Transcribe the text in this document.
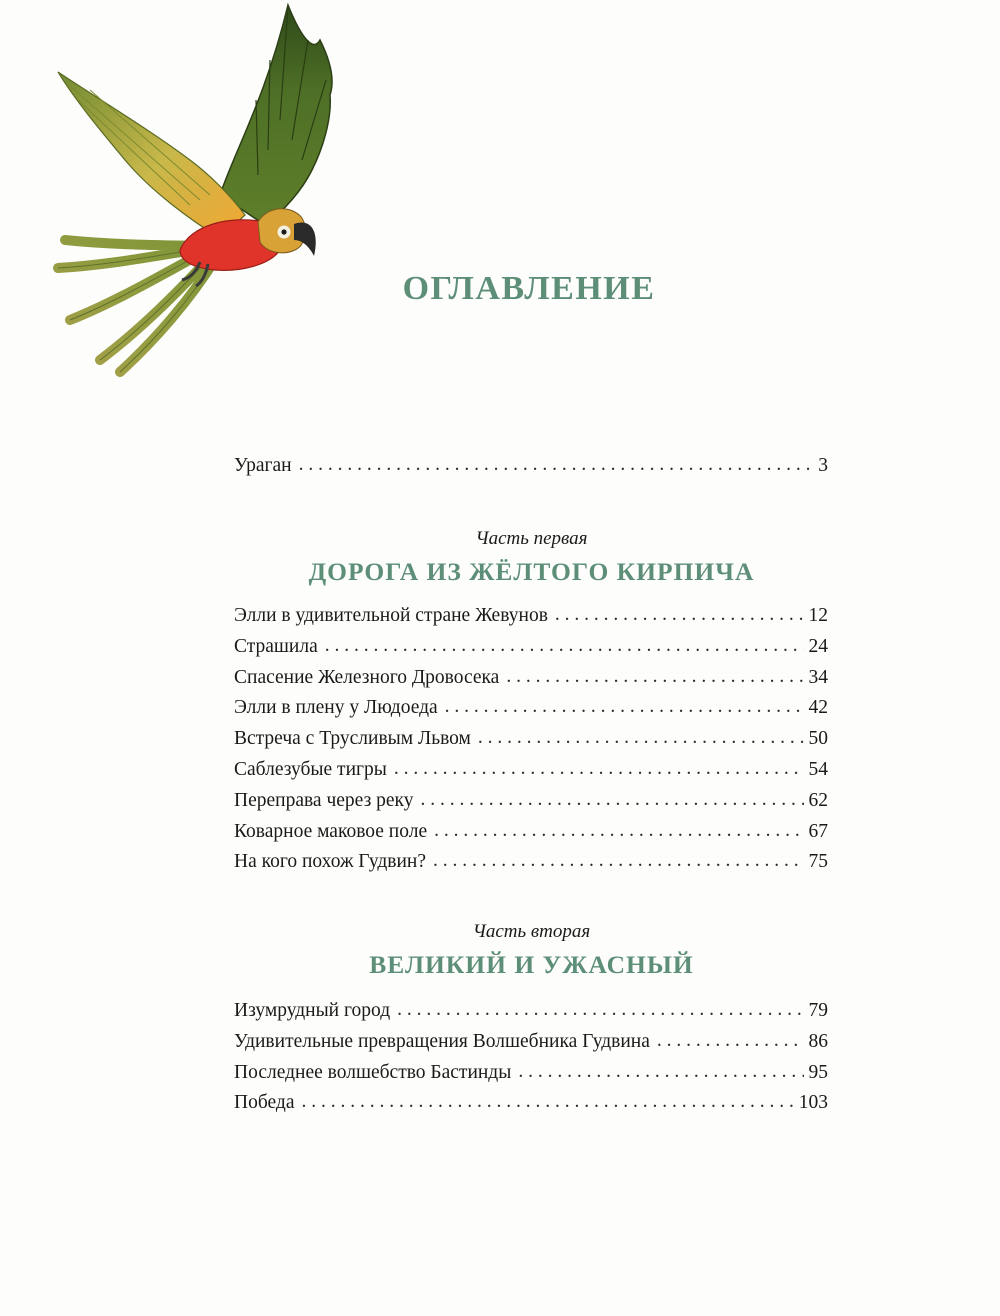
ОГЛАВЛЕНИЕ
Ураган . . .	3
Часть первая
ДОРОГА ИЗ ЖЁЛТОГО КИРПИЧА
Элли в удивительной стране Жевунов . . .	12
Страшила . . .	24
Спасение Железного Дровосека . . .	34
Элли в плену у Людоеда . . .	42
Встреча с Трусливым Львом . . .	50
Саблезубые тигры . . .	54
Переправа через реку . . .	62
Коварное маковое поле . . .	67
На кого похож Гудвин? . . .	75
Часть вторая
ВЕЛИКИЙ И УЖАСНЫЙ
Изумрудный город . . .	79
Удивительные превращения Волшебника Гудвина . . .	86
Последнее волшебство Бастинды . . .	95
Победа . . .	103
